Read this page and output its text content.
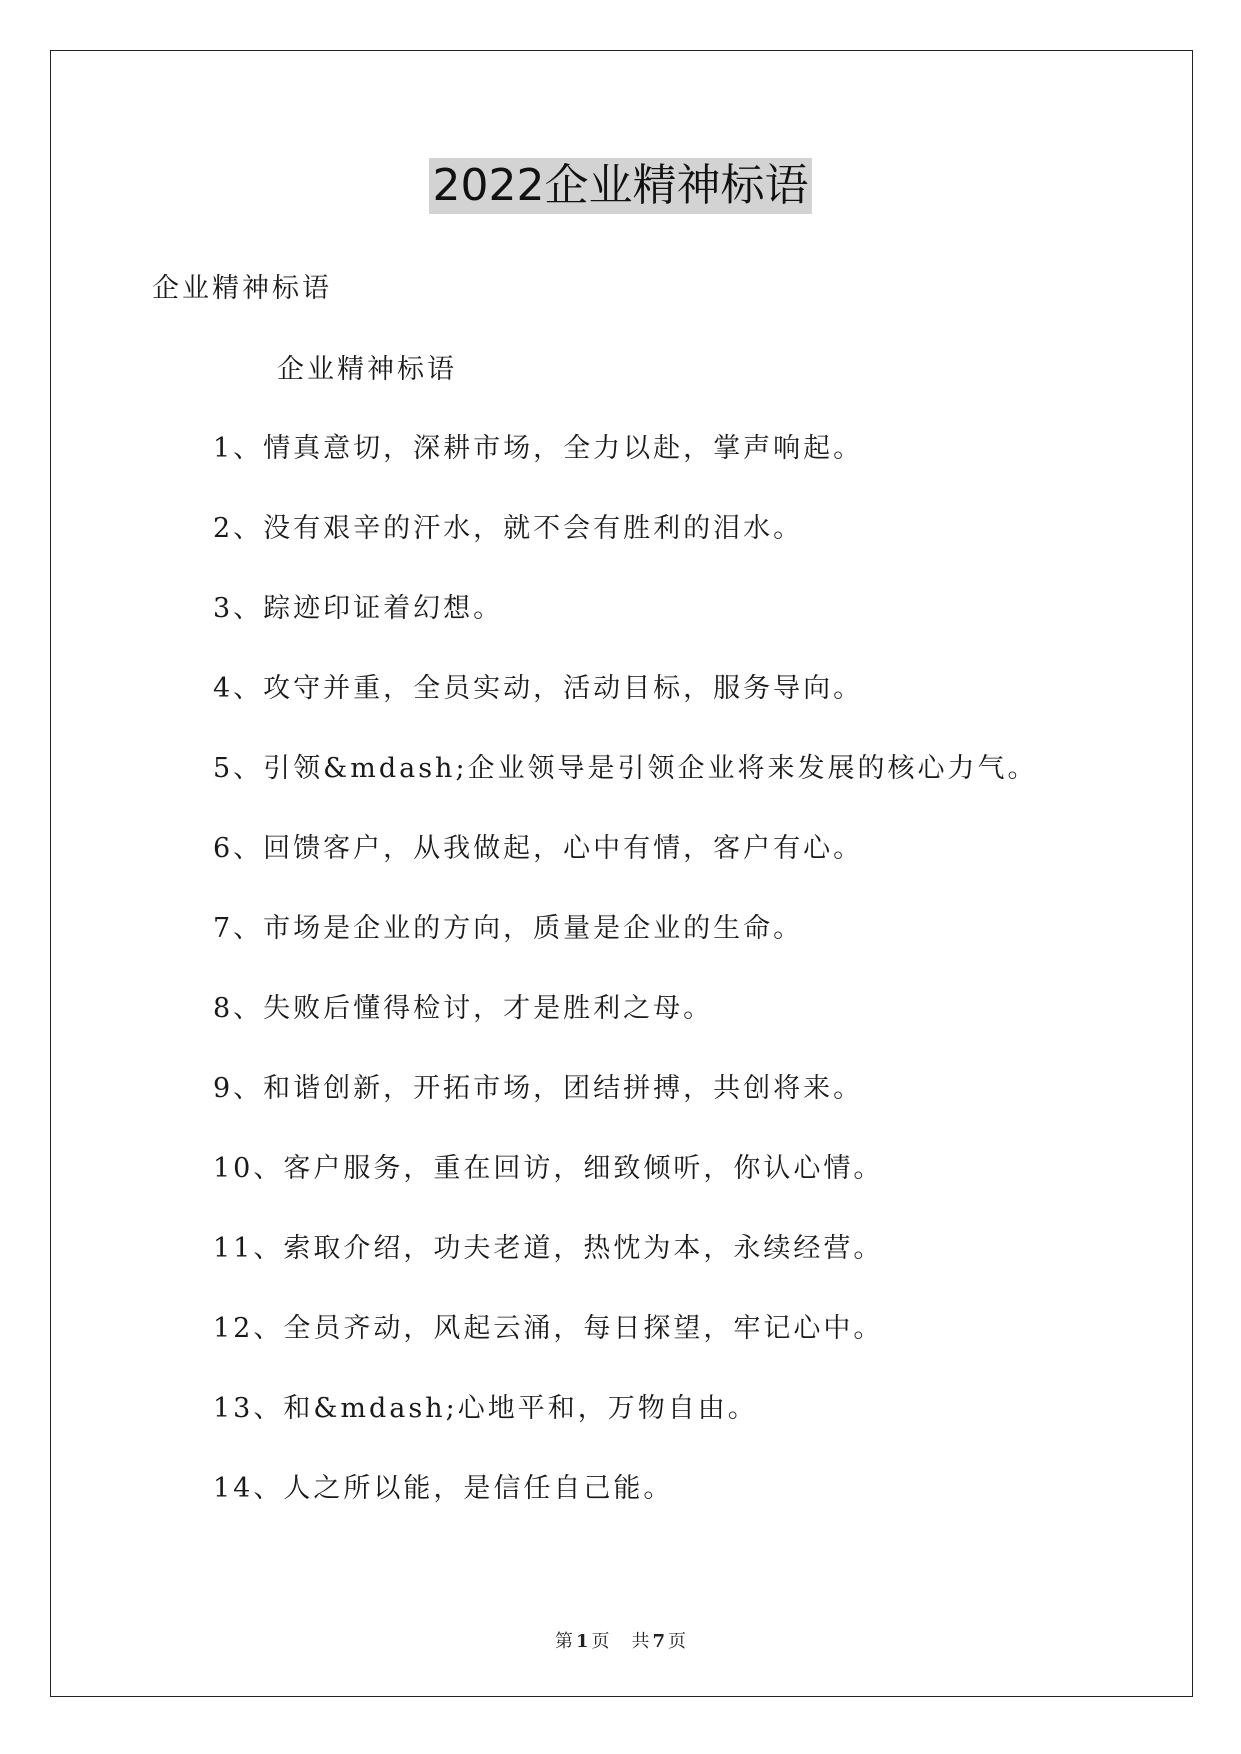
2022企业精神标语
企业精神标语
企业精神标语
1、情真意切，深耕市场，全力以赴，掌声响起。
2、没有艰辛的汗水，就不会有胜利的泪水。
3、踪迹印证着幻想。
4、攻守并重，全员实动，活动目标，服务导向。
5、引领&mdash;企业领导是引领企业将来发展的核心力气。
6、回馈客户，从我做起，心中有情，客户有心。
7、市场是企业的方向，质量是企业的生命。
8、失败后懂得检讨，才是胜利之母。
9、和谐创新，开拓市场，团结拼搏，共创将来。
10、客户服务，重在回访，细致倾听，你认心情。
11、索取介绍，功夫老道，热忱为本，永续经营。
12、全员齐动，风起云涌，每日探望，牢记心中。
13、和&mdash;心地平和，万物自由。
14、人之所以能，是信任自己能。
第 1 页 共 7 页
